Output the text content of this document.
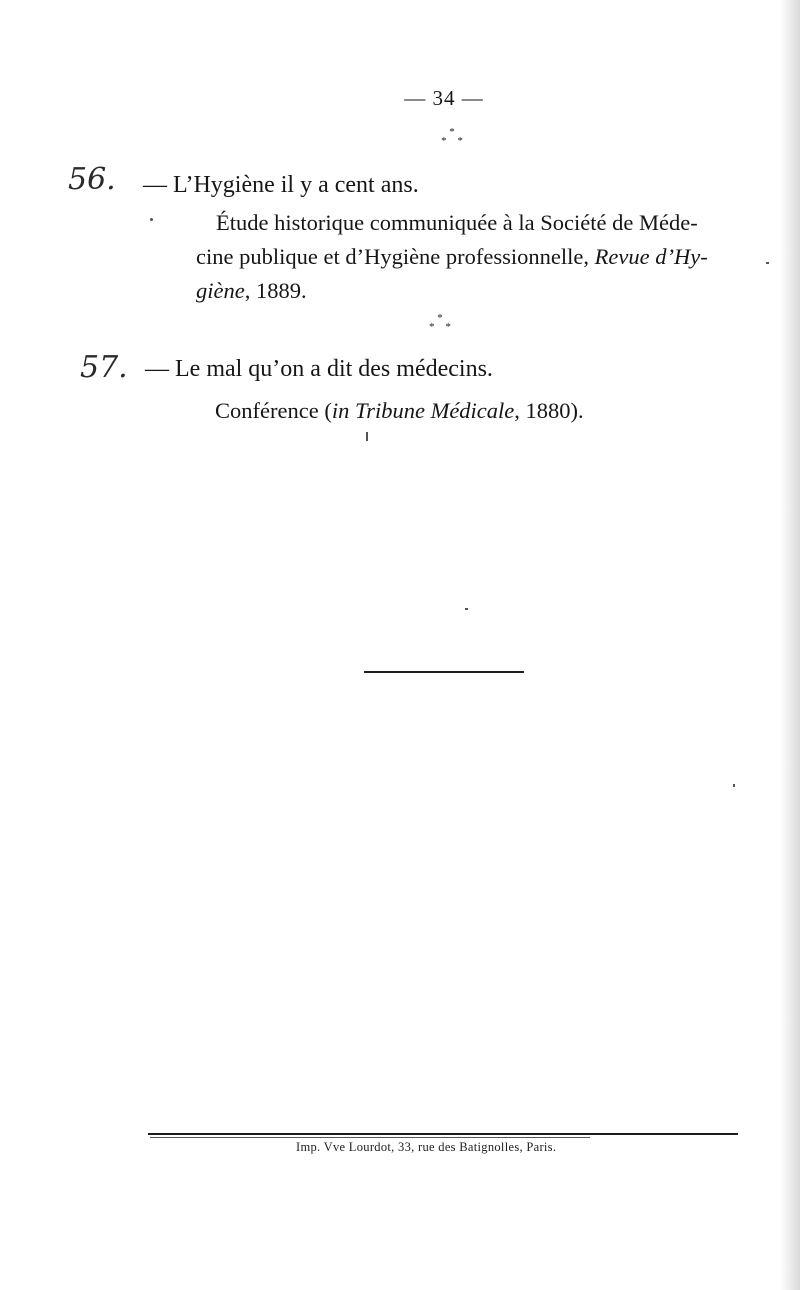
— 34 —
*
* *
56. — L’Hygiène il y a cent ans.
Étude historique communiquée à la Société de Méde-
cine publique et d’Hygiène professionnelle, Revue d’Hy-
giène, 1889.
*
* *
57. — Le mal qu’on a dit des médecins.
Conférence (in Tribune Médicale, 1880).
Imp. Vve Lourdot, 33, rue des Batignolles, Paris.
